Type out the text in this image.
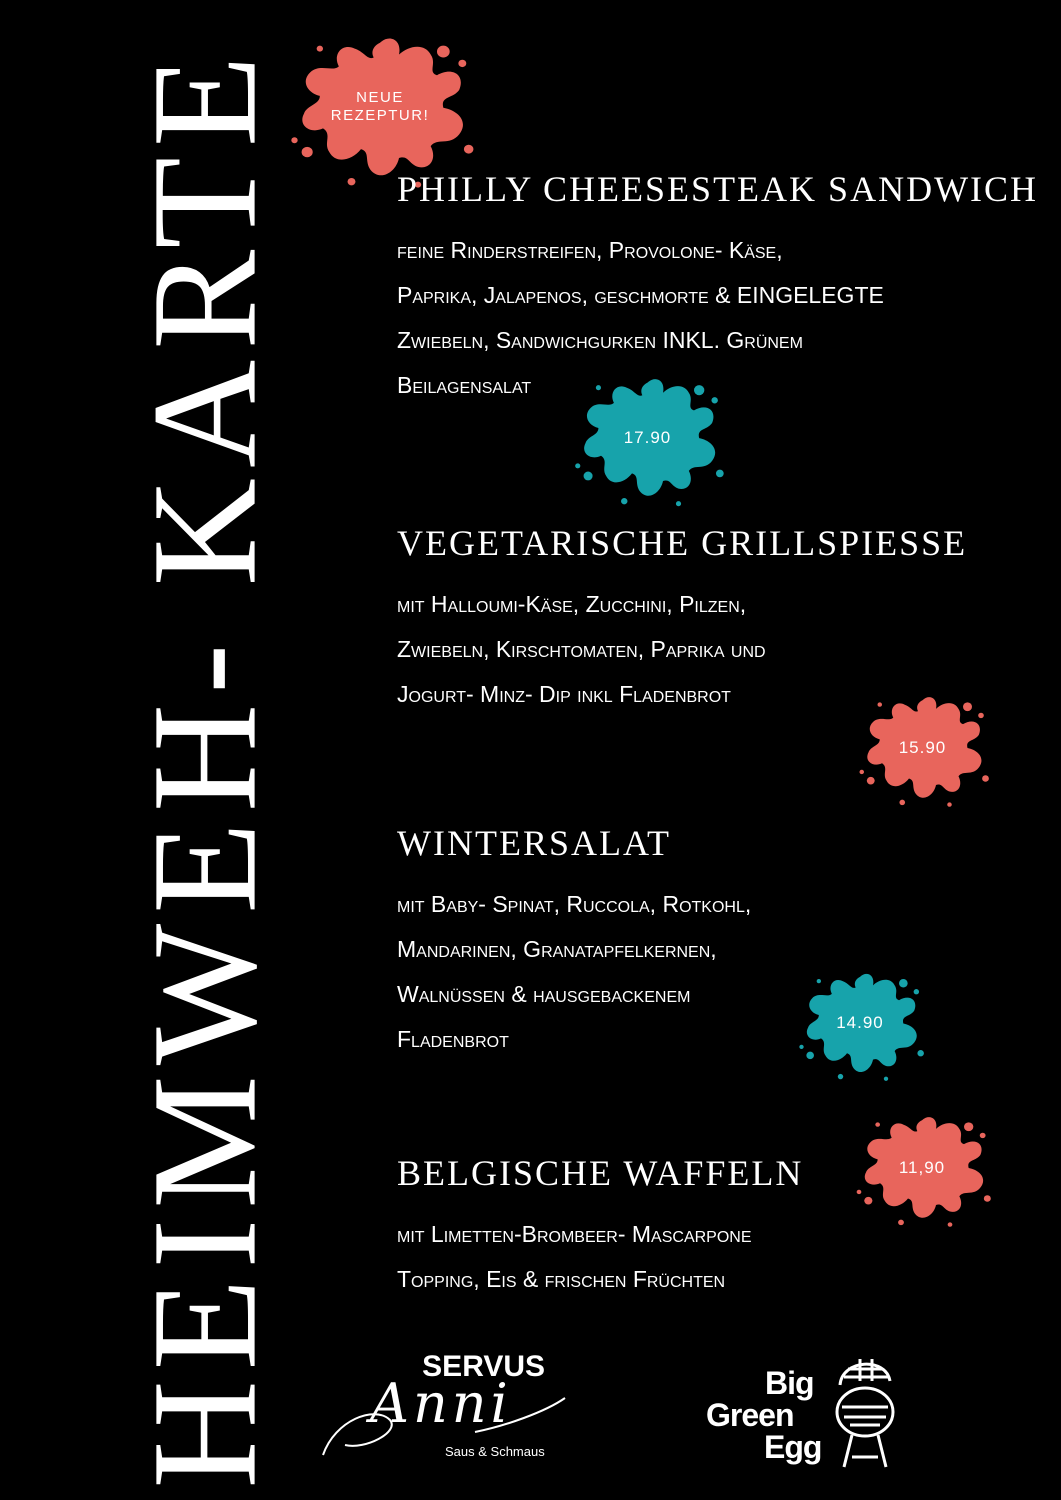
HEIMWEH- KARTE	NEUE
REZEPTUR!
PHILLY CHEESESTEAK SANDWICH

feine Rinderstreifen, Provolone- Käse,
Paprika, Jalapenos, geschmorte & EINGELEGTE
Zwiebeln, Sandwichgurken INKL. Grünem
Beilagensalat

17.90
VEGETARISCHE GRILLSPIESSE

mit Halloumi-Käse, Zucchini, Pilzen,
Zwiebeln, Kirschtomaten, Paprika und
Jogurt- Minz- Dip inkl Fladenbrot

15.90
WINTERSALAT

mit Baby- Spinat, Ruccola, Rotkohl,
Mandarinen, Granatapfelkernen,
Walnüssen & hausgebackenem
Fladenbrot

14.90
BELGISCHE WAFFELN

mit Limetten-Brombeer- Mascarpone
Topping, Eis & frischen Früchten

11,90
SERVUS
Anni
Saus & Schmaus
Big
Green
Egg
